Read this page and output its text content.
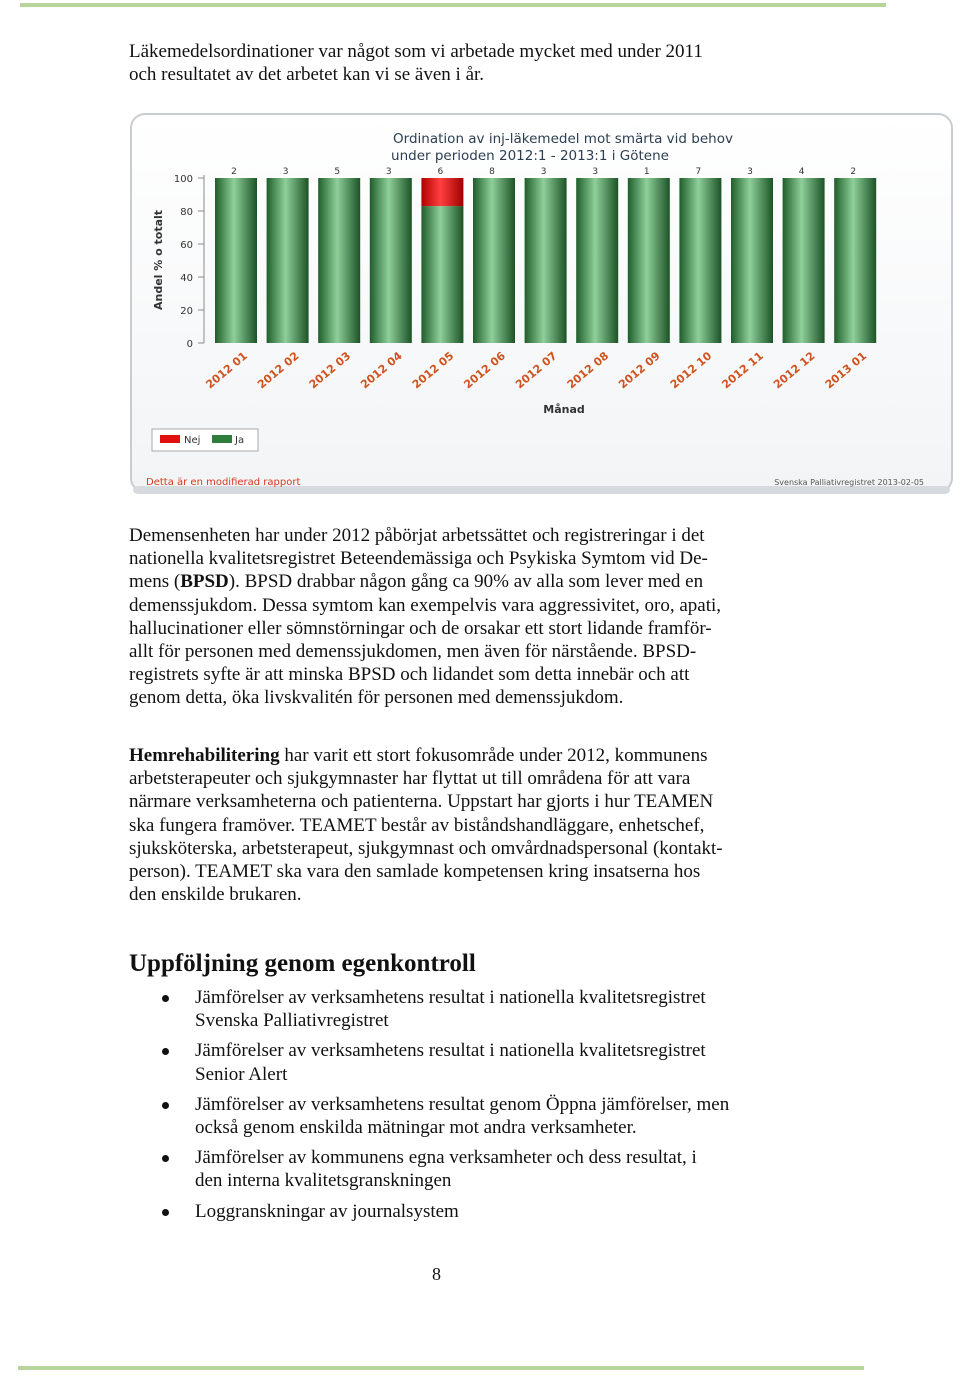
Läkemedelsordinationer var något som vi arbetade mycket med under 2011
och resultatet av det arbetet kan vi se även i år.

Ordination av inj-läkemedel mot smärta vid behov
under perioden 2012:1 - 2013:1 i Götene
Andel % o totalt
Månad
0
20
40
60
80
100
2	3	5	3	6	8	3	3	1	7	3	4	2
2012 01 2012 02 2012 03 2012 04 2012 05 2012 06 2012 07 2012 08 2012 09 2012 10 2012 11 2012 12 2013 01
Nej	Ja
Detta är en modifierad rapport	Svenska Palliativregistret 2013-02-05

Demensenheten har under 2012 påbörjat arbetssättet och registreringar i det
nationella kvalitetsregistret Beteendemässiga och Psykiska Symtom vid De-
mens (BPSD). BPSD drabbar någon gång ca 90% av alla som lever med en
demenssjukdom. Dessa symtom kan exempelvis vara aggressivitet, oro, apati,
hallucinationer eller sömnstörningar och de orsakar ett stort lidande framför-
allt för personen med demenssjukdomen, men även för närstående. BPSD-
registrets syfte är att minska BPSD och lidandet som detta innebär och att
genom detta, öka livskvalitén för personen med demenssjukdom.

Hemrehabilitering har varit ett stort fokusområde under 2012, kommunens
arbetsterapeuter och sjukgymnaster har flyttat ut till områdena för att vara
närmare verksamheterna och patienterna. Uppstart har gjorts i hur TEAMEN
ska fungera framöver. TEAMET består av biståndshandläggare, enhetschef,
sjuksköterska, arbetsterapeut, sjukgymnast och omvårdnadspersonal (kontakt-
person). TEAMET ska vara den samlade kompetensen kring insatserna hos
den enskilde brukaren.

Uppföljning genom egenkontroll
Jämförelser av verksamhetens resultat i nationella kvalitetsregistret
Svenska Palliativregistret
Jämförelser av verksamhetens resultat i nationella kvalitetsregistret
Senior Alert
Jämförelser av verksamhetens resultat genom Öppna jämförelser, men
också genom enskilda mätningar mot andra verksamheter.
Jämförelser av kommunens egna verksamheter och dess resultat, i
den interna kvalitetsgranskningen
Loggranskningar av journalsystem
8
